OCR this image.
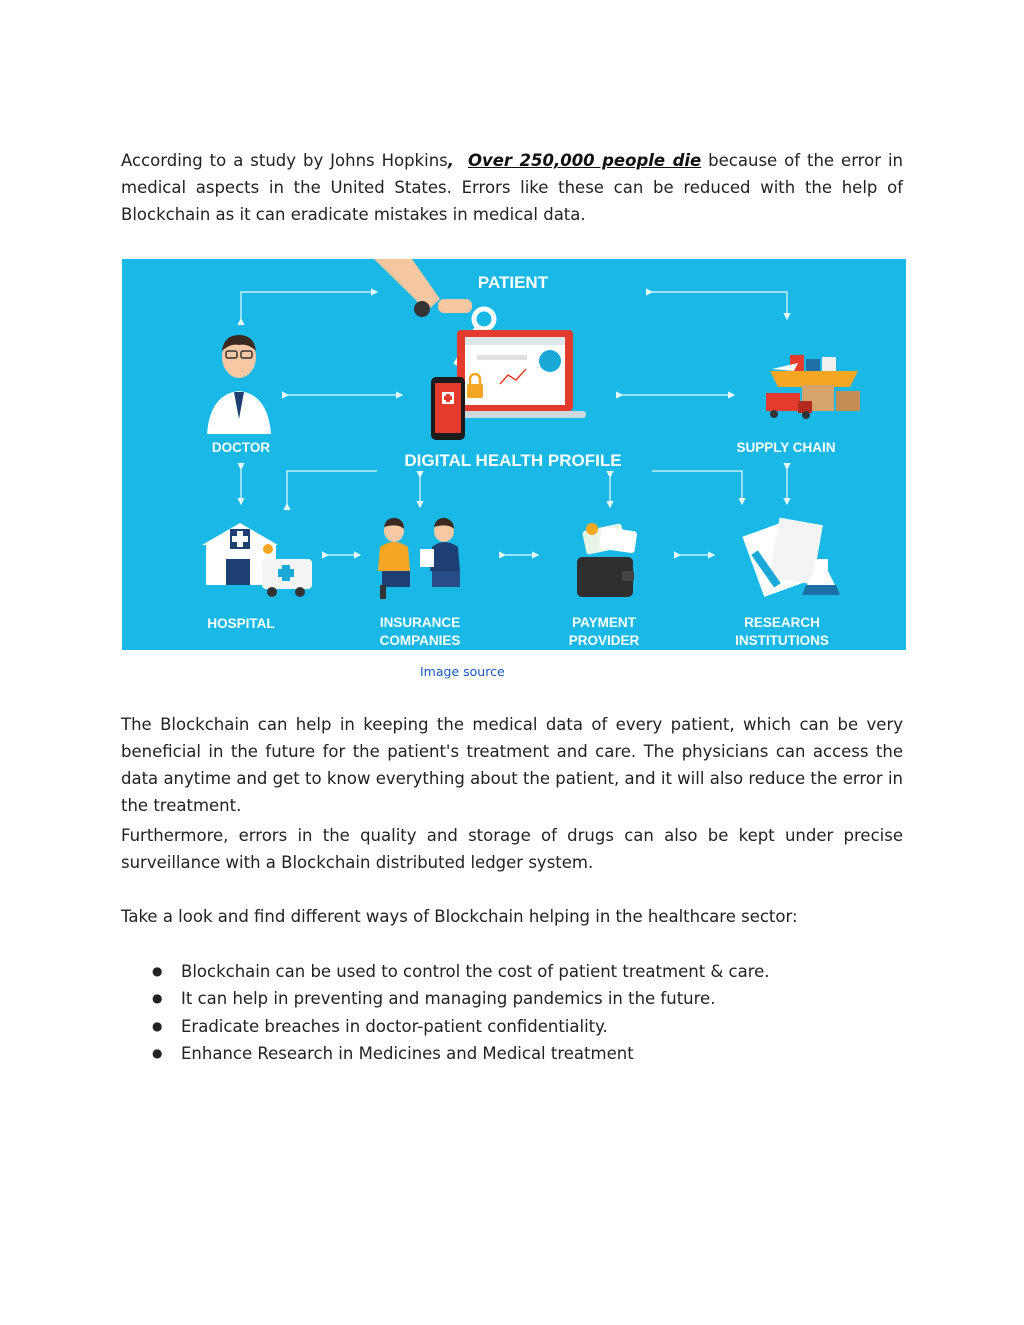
According to a study by Johns Hopkins, Over 250,000 people die because of the error in medical aspects in the United States. Errors like these can be reduced with the help of Blockchain as it can eradicate mistakes in medical data.

PATIENT
DOCTOR	SUPPLY CHAIN
DIGITAL HEALTH PROFILE
HOSPITAL	INSURANCE
COMPANIES
PAYMENT
PROVIDER
RESEARCH
INSTITUTIONS
Image source

The Blockchain can help in keeping the medical data of every patient, which can be very beneficial in the future for the patient's treatment and care. The physicians can access the data anytime and get to know everything about the patient, and it will also reduce the error in the treatment.

Furthermore, errors in the quality and storage of drugs can also be kept under precise surveillance with a Blockchain distributed ledger system.

Take a look and find different ways of Blockchain helping in the healthcare sector:

● Blockchain can be used to control the cost of patient treatment & care.
● It can help in preventing and managing pandemics in the future.
● Eradicate breaches in doctor-patient confidentiality.
● Enhance Research in Medicines and Medical treatment
